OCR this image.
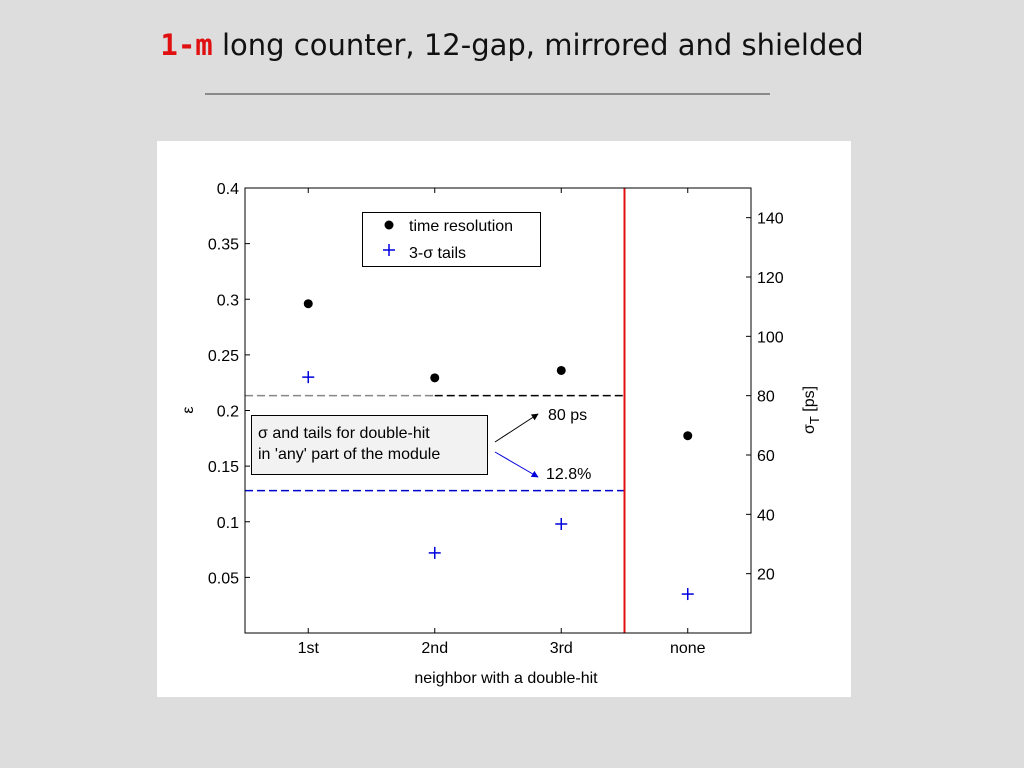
1-m long counter, 12-gap, mirrored and shielded
0.05
0.1
0.15
0.2
0.25
0.3
0.35
0.4
20
40
60
80
100
120
140
1st	2nd	3rd	none
time resolution
3-σ tails
σ and tails for double-hit
in 'any' part of the module
80 ps
12.8%
neighbor with a double-hit
ε
$\sigma_T$ [ps]
